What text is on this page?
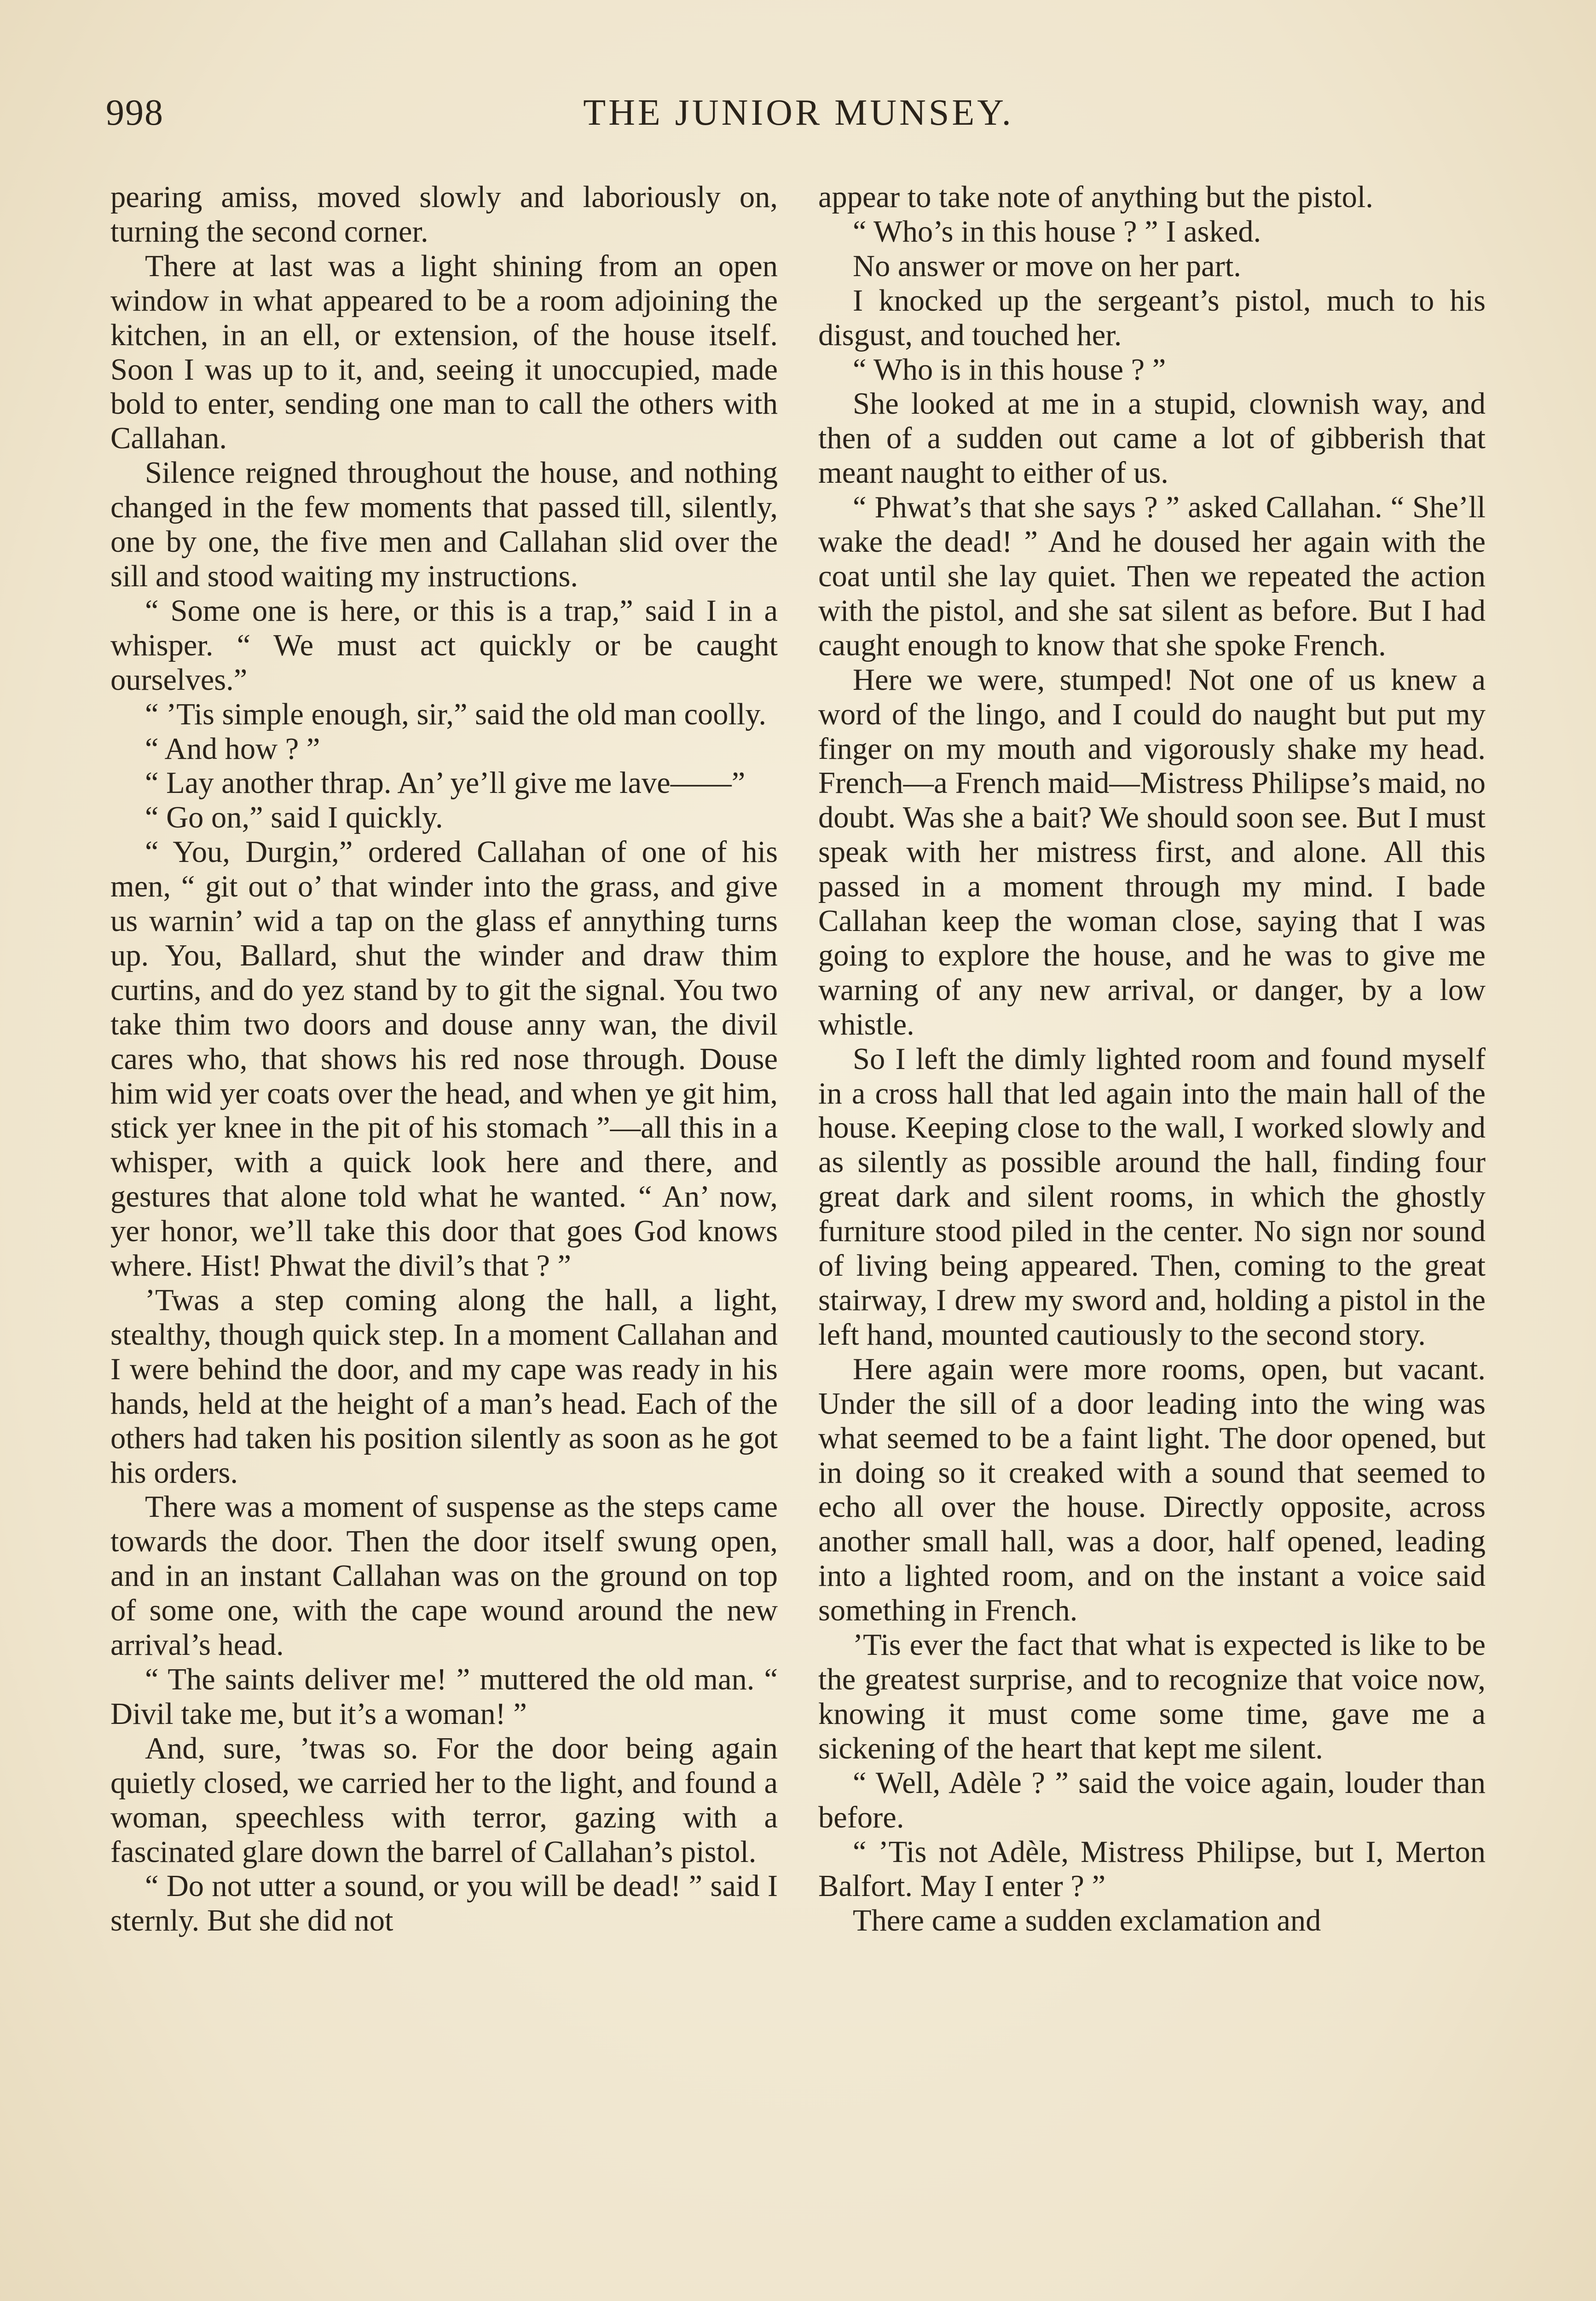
998	THE JUNIOR MUNSEY.

pearing amiss, moved slowly and laboriously on, turning the second corner.

There at last was a light shining from an open window in what appeared to be a room adjoining the kitchen, in an ell, or extension, of the house itself. Soon I was up to it, and, seeing it unoccupied, made bold to enter, sending one man to call the others with Callahan.

Silence reigned throughout the house, and nothing changed in the few moments that passed till, silently, one by one, the five men and Callahan slid over the sill and stood waiting my instructions.

“ Some one is here, or this is a trap,” said I in a whisper. “ We must act quickly or be caught ourselves.”

“ ’Tis simple enough, sir,” said the old man coolly.

“ And how ? ”

“ Lay another thrap. An’ ye’ll give me lave——”

“ Go on,” said I quickly.

“ You, Durgin,” ordered Callahan of one of his men, “ git out o’ that winder into the grass, and give us warnin’ wid a tap on the glass ef annything turns up. You, Ballard, shut the winder and draw thim curtins, and do yez stand by to git the signal. You two take thim two doors and douse anny wan, the divil cares who, that shows his red nose through. Douse him wid yer coats over the head, and when ye git him, stick yer knee in the pit of his stomach ”—all this in a whisper, with a quick look here and there, and gestures that alone told what he wanted. “ An’ now, yer honor, we’ll take this door that goes God knows where. Hist! Phwat the divil’s that ? ”

’Twas a step coming along the hall, a light, stealthy, though quick step. In a moment Callahan and I were behind the door, and my cape was ready in his hands, held at the height of a man’s head. Each of the others had taken his position silently as soon as he got his orders.

There was a moment of suspense as the steps came towards the door. Then the door itself swung open, and in an instant Callahan was on the ground on top of some one, with the cape wound around the new arrival’s head.

“ The saints deliver me! ” muttered the old man. “ Divil take me, but it’s a woman! ”

And, sure, ’twas so. For the door being again quietly closed, we carried her to the light, and found a woman, speechless with terror, gazing with a fascinated glare down the barrel of Callahan’s pistol.

“ Do not utter a sound, or you will be dead! ” said I sternly. But she did not

appear to take note of anything but the pistol.

“ Who’s in this house ? ” I asked.

No answer or move on her part.

I knocked up the sergeant’s pistol, much to his disgust, and touched her.

“ Who is in this house ? ”

She looked at me in a stupid, clownish way, and then of a sudden out came a lot of gibberish that meant naught to either of us.

“ Phwat’s that she says ? ” asked Callahan. “ She’ll wake the dead! ” And he doused her again with the coat until she lay quiet. Then we repeated the action with the pistol, and she sat silent as before. But I had caught enough to know that she spoke French.

Here we were, stumped! Not one of us knew a word of the lingo, and I could do naught but put my finger on my mouth and vigorously shake my head. French—a French maid—Mistress Philipse’s maid, no doubt. Was she a bait? We should soon see. But I must speak with her mistress first, and alone. All this passed in a moment through my mind. I bade Callahan keep the woman close, saying that I was going to explore the house, and he was to give me warning of any new arrival, or danger, by a low whistle.

So I left the dimly lighted room and found myself in a cross hall that led again into the main hall of the house. Keeping close to the wall, I worked slowly and as silently as possible around the hall, finding four great dark and silent rooms, in which the ghostly furniture stood piled in the center. No sign nor sound of living being appeared. Then, coming to the great stairway, I drew my sword and, holding a pistol in the left hand, mounted cautiously to the second story.

Here again were more rooms, open, but vacant. Under the sill of a door leading into the wing was what seemed to be a faint light. The door opened, but in doing so it creaked with a sound that seemed to echo all over the house. Directly opposite, across another small hall, was a door, half opened, leading into a lighted room, and on the instant a voice said something in French.

’Tis ever the fact that what is expected is like to be the greatest surprise, and to recognize that voice now, knowing it must come some time, gave me a sickening of the heart that kept me silent.

“ Well, Adèle ? ” said the voice again, louder than before.

“ ’Tis not Adèle, Mistress Philipse, but I, Merton Balfort. May I enter ? ”

There came a sudden exclamation and
